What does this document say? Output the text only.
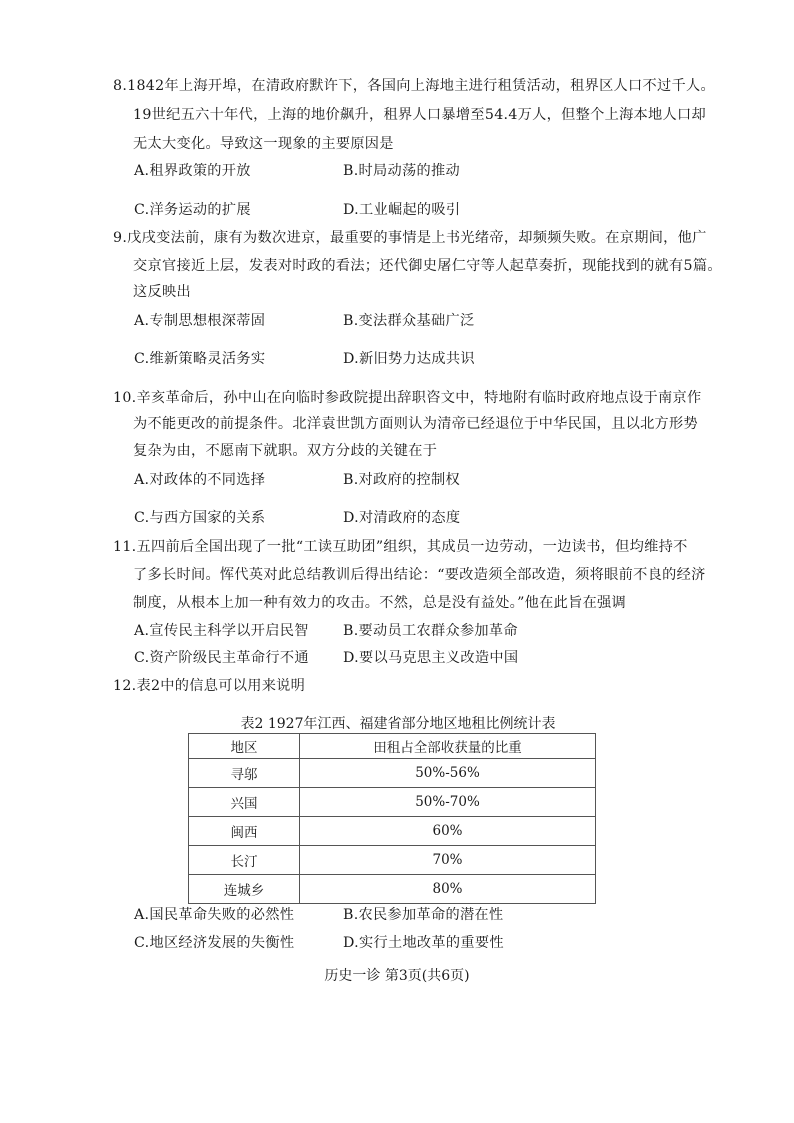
8.1842年上海开埠，在清政府默许下，各国向上海地主进行租赁活动，租界区人口不过千人。
19世纪五六十年代，上海的地价飙升，租界人口暴增至54.4万人，但整个上海本地人口却
无太大变化。导致这一现象的主要原因是
A.租界政策的开放	B.时局动荡的推动
C.洋务运动的扩展	D.工业崛起的吸引
9.戊戌变法前，康有为数次进京，最重要的事情是上书光绪帝，却频频失败。在京期间，他广
交京官接近上层，发表对时政的看法；还代御史屠仁守等人起草奏折，现能找到的就有5篇。
这反映出
A.专制思想根深蒂固	B.变法群众基础广泛
C.维新策略灵活务实	D.新旧势力达成共识
10.辛亥革命后，孙中山在向临时参政院提出辞职咨文中，特地附有临时政府地点设于南京作
为不能更改的前提条件。北洋袁世凯方面则认为清帝已经退位于中华民国，且以北方形势
复杂为由，不愿南下就职。双方分歧的关键在于
A.对政体的不同选择	B.对政府的控制权
C.与西方国家的关系	D.对清政府的态度
11.五四前后全国出现了一批“工读互助团”组织，其成员一边劳动，一边读书，但均维持不
了多长时间。恽代英对此总结教训后得出结论：“要改造须全部改造，须将眼前不良的经济
制度，从根本上加一种有效力的攻击。不然，总是没有益处。”他在此旨在强调
A.宣传民主科学以开启民智 B.要动员工农群众参加革命
C.资产阶级民主革命行不通 D.要以马克思主义改造中国
12.表2中的信息可以用来说明
表2 1927年江西、福建省部分地区地租比例统计表
地区	田租占全部收获量的比重
寻邬	50%-56%
兴国	50%-70%
闽西	60%
长汀	70%
连城乡	80%
A.国民革命失败的必然性	B.农民参加革命的潜在性
C.地区经济发展的失衡性	D.实行土地改革的重要性
历史一诊 第3页(共6页)
